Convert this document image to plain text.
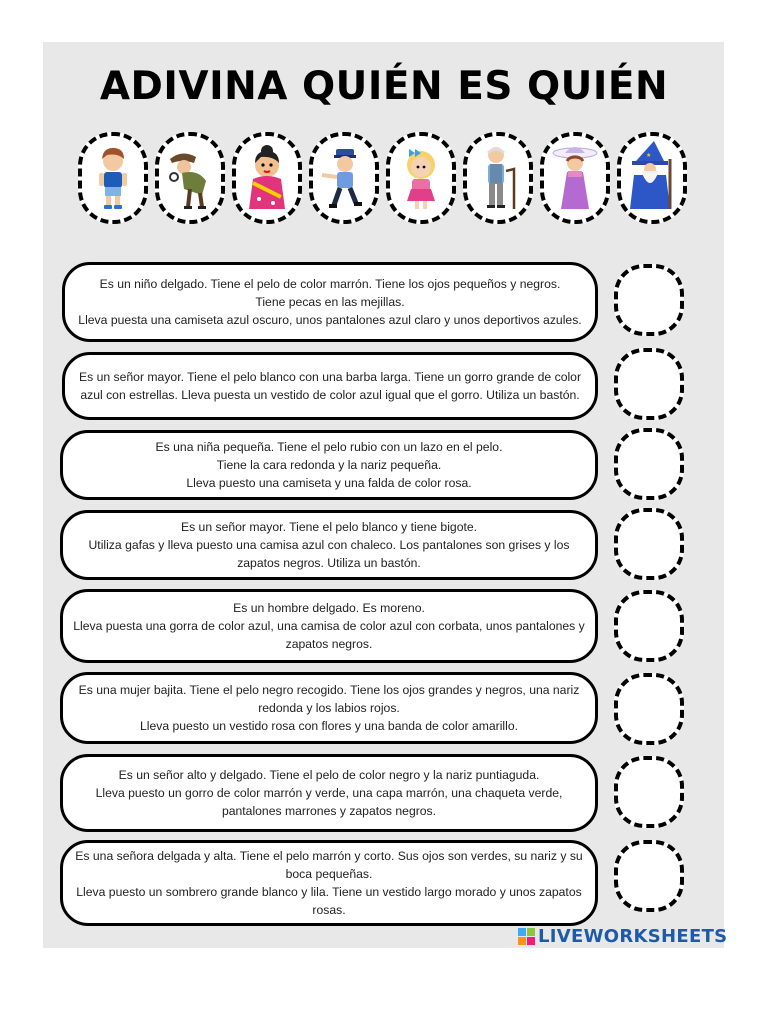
ADIVINA QUIÉN ES QUIÉN
★
Es un niño delgado. Tiene el pelo de color marrón. Tiene los ojos pequeños y negros.
Tiene pecas en las mejillas.
Lleva puesta una camiseta azul oscuro, unos pantalones azul claro y unos deportivos azules.
Es un señor mayor. Tiene el pelo blanco con una barba larga. Tiene un gorro grande de color azul con estrellas. Lleva puesta un vestido de color azul igual que el gorro. Utiliza un bastón.
Es una niña pequeña. Tiene el pelo rubio con un lazo en el pelo.
Tiene la cara redonda y la nariz pequeña.
Lleva puesto una camiseta y una falda de color rosa.
Es un señor mayor. Tiene el pelo blanco y tiene bigote.
Utiliza gafas y lleva puesto una camisa azul con chaleco. Los pantalones son grises y los zapatos negros. Utiliza un bastón.
Es un hombre delgado. Es moreno.
Lleva puesta una gorra de color azul, una camisa de color azul con corbata, unos pantalones y zapatos negros.
Es una mujer bajita. Tiene el pelo negro recogido. Tiene los ojos grandes y negros, una nariz redonda y los labios rojos.
Lleva puesto un vestido rosa con flores y una banda de color amarillo.
Es un señor alto y delgado. Tiene el pelo de color negro y la nariz puntiaguda.
Lleva puesto un gorro de color marrón y verde, una capa marrón, una chaqueta verde, pantalones marrones y zapatos negros.
Es una señora delgada y alta. Tiene el pelo marrón y corto. Sus ojos son verdes, su nariz y su boca pequeñas.
Lleva puesto un sombrero grande blanco y lila. Tiene un vestido largo morado y unos zapatos rosas.
LIVEWORKSHEETS
